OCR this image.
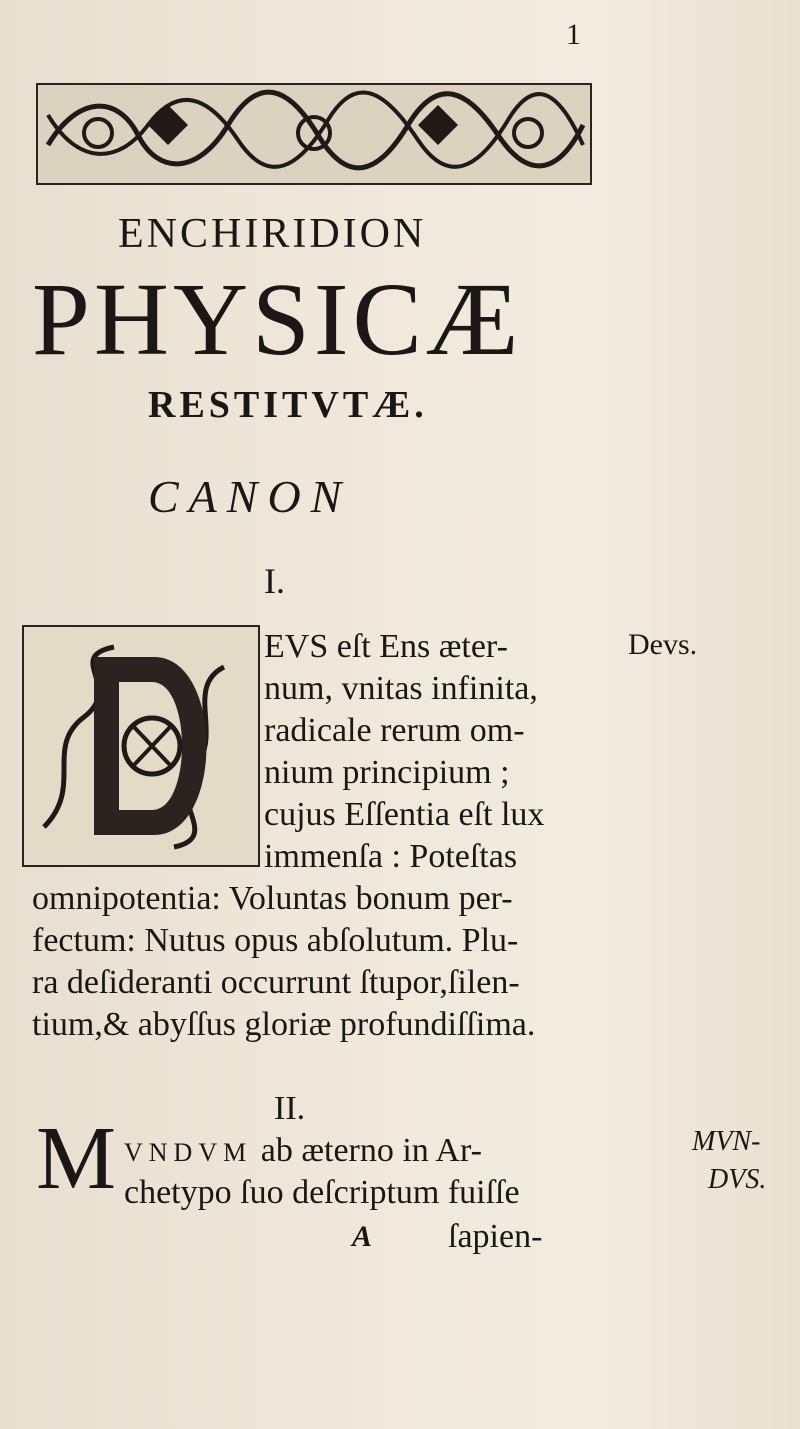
1
ENCHIRIDION
PHYSICÆ
RESTITVTÆ.
CANON
I.
EVS eſt Ens æter-
num, vnitas infinita,
radicale rerum om-
nium principium ;
cujus Eſſentia eſt lux
immenſa : Poteſtas
omnipotentia: Voluntas bonum per-
fectum: Nutus opus abſolutum. Plu-
ra deſideranti occurrunt ſtupor,ſilen-
tium,& abyſſus gloriæ profundiſſima.
Devs.
II.
M VNDVM ab æterno in Ar-
chetypo ſuo deſcriptum fuiſſe
MVN-
DVS.
A ſapien-
